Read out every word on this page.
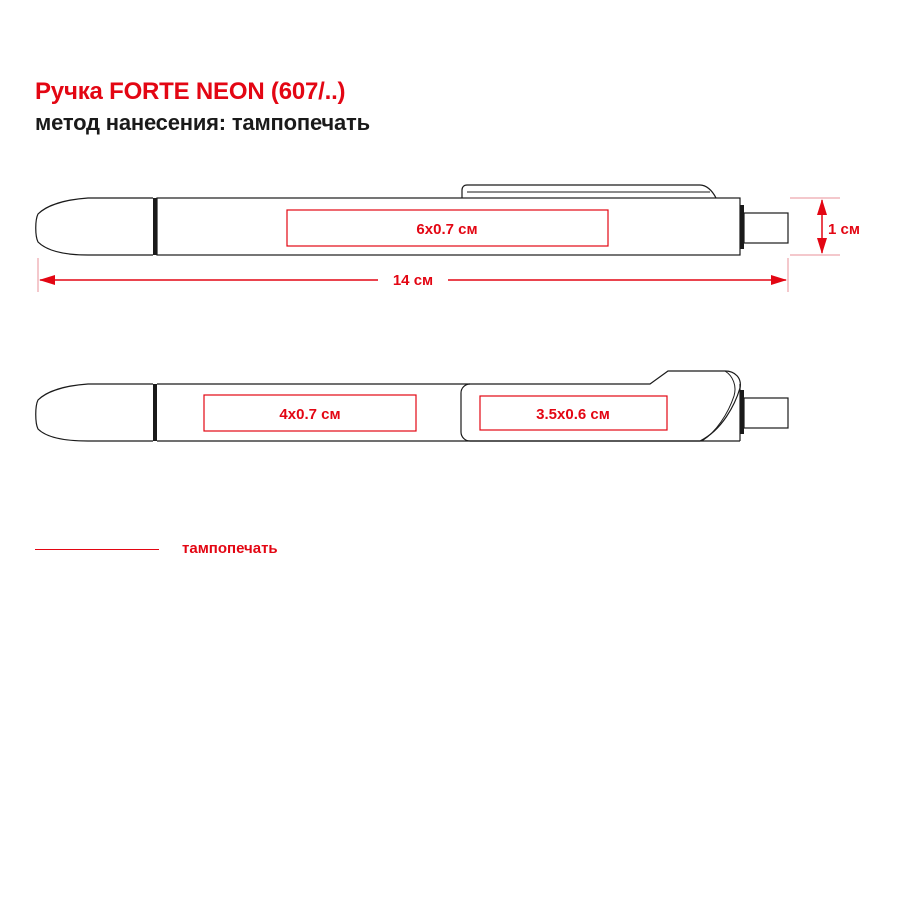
Ручка FORTE NEON (607/..)
метод нанесения: тампопечать
6x0.7 см	1 см
14 см
4x0.7 см	3.5x0.6 см
тампопечать
